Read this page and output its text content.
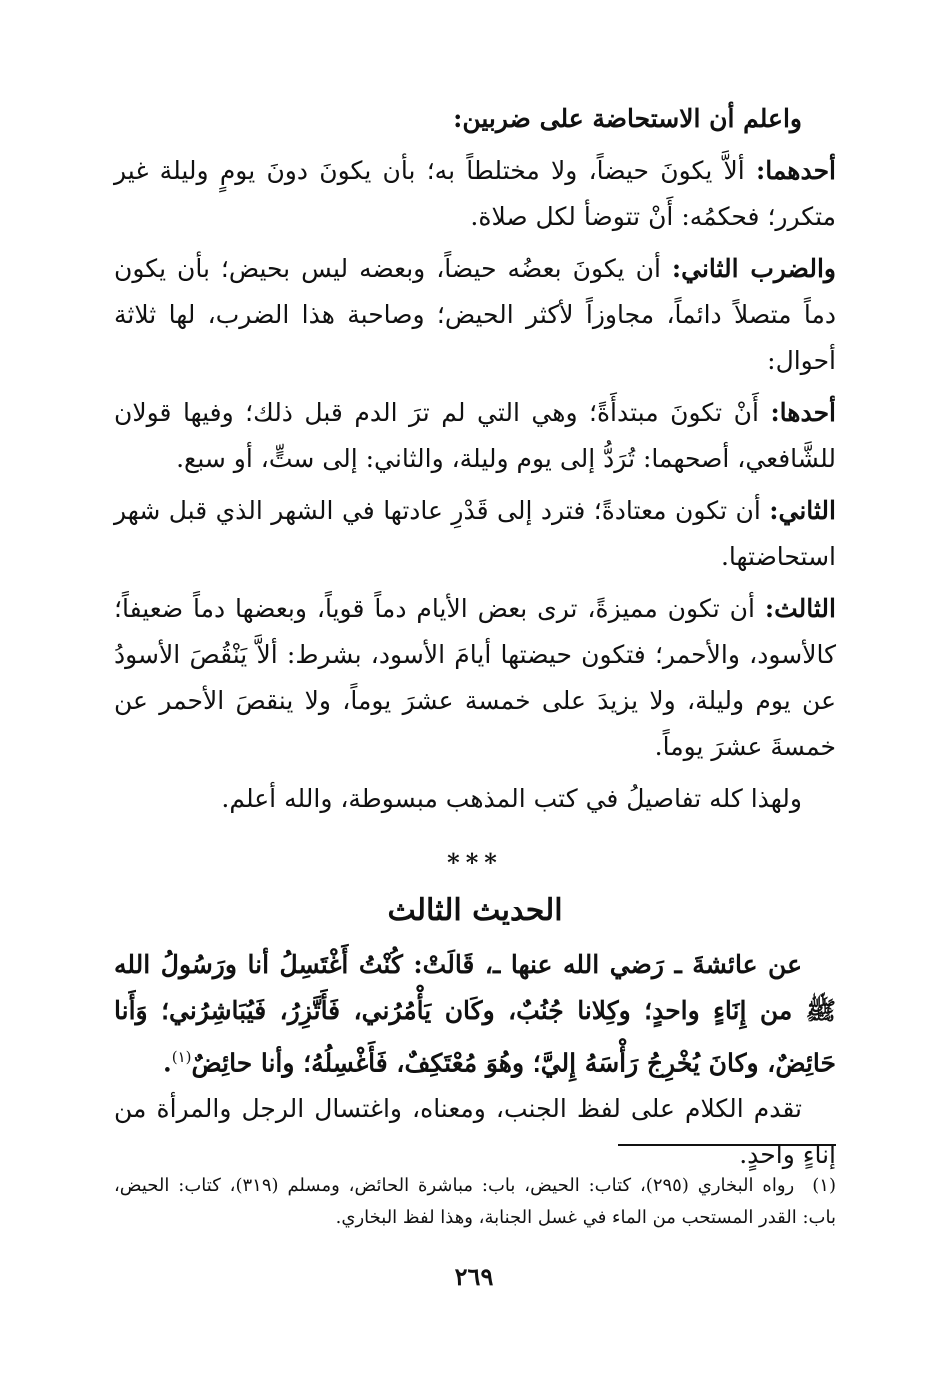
واعلم أن الاستحاضة على ضربين:

أحدهما: ألاَّ يكونَ حيضاً، ولا مختلطاً به؛ بأن يكونَ دونَ يومٍ وليلة غير متكرر؛ فحكمُه: أَنْ تتوضأ لكل صلاة.

والضرب الثاني: أن يكونَ بعضُه حيضاً، وبعضه ليس بحيض؛ بأن يكون دماً متصلاً دائماً، مجاوزاً لأكثر الحيض؛ وصاحبة هذا الضرب، لها ثلاثة أحوال:

أحدها: أَنْ تكونَ مبتدأَةً؛ وهي التي لم ترَ الدم قبل ذلك؛ وفيها قولان للشَّافعي، أصحهما: تُرَدُّ إلى يوم وليلة، والثاني: إلى ستٍّ، أو سبع.

الثاني: أن تكون معتادةً؛ فترد إلى قَدْرِ عادتها في الشهر الذي قبل شهر استحاضتها.

الثالث: أن تكون مميزةً، ترى بعض الأيام دماً قوياً، وبعضها دماً ضعيفاً؛ كالأسود، والأحمر؛ فتكون حيضتها أيامَ الأسود، بشرط: ألاَّ يَنْقُصَ الأسودُ عن يوم وليلة، ولا يزيدَ على خمسة عشرَ يوماً، ولا ينقصَ الأحمر عن خمسةَ عشرَ يوماً.

ولهذا كله تفاصيلُ في كتب المذهب مبسوطة، والله أعلم.

***
الحديث الثالث

عن عائشةَ ـ رَضي الله عنها ـ، قَالَتْ: كُنْتُ أَغْتَسِلُ أنا ورَسُولُ الله ﷺ من إِنَاءٍ واحدٍ؛ وكِلانا جُنُبٌ، وكَان يَأْمُرُني، فَأَتَّزِرُ، فَيُبَاشِرُني؛ وَأَنا حَائِضٌ، وكانَ يُخْرِجُ رَأْسَهُ إِليَّ؛ وهُوَ مُعْتَكِفٌ، فَأَغْسِلُهُ؛ وأنا حائِضٌ$^{(١)}$.

تقدم الكلام على لفظ الجنب، ومعناه، واغتسال الرجل والمرأة من إناءٍ واحدٍ.

(١)رواه البخاري (٢٩٥)، كتاب: الحيض، باب: مباشرة الحائض، ومسلم (٣١٩)، كتاب: الحيض، باب: القدر المستحب من الماء في غسل الجنابة، وهذا لفظ البخاري.
٢٦٩
